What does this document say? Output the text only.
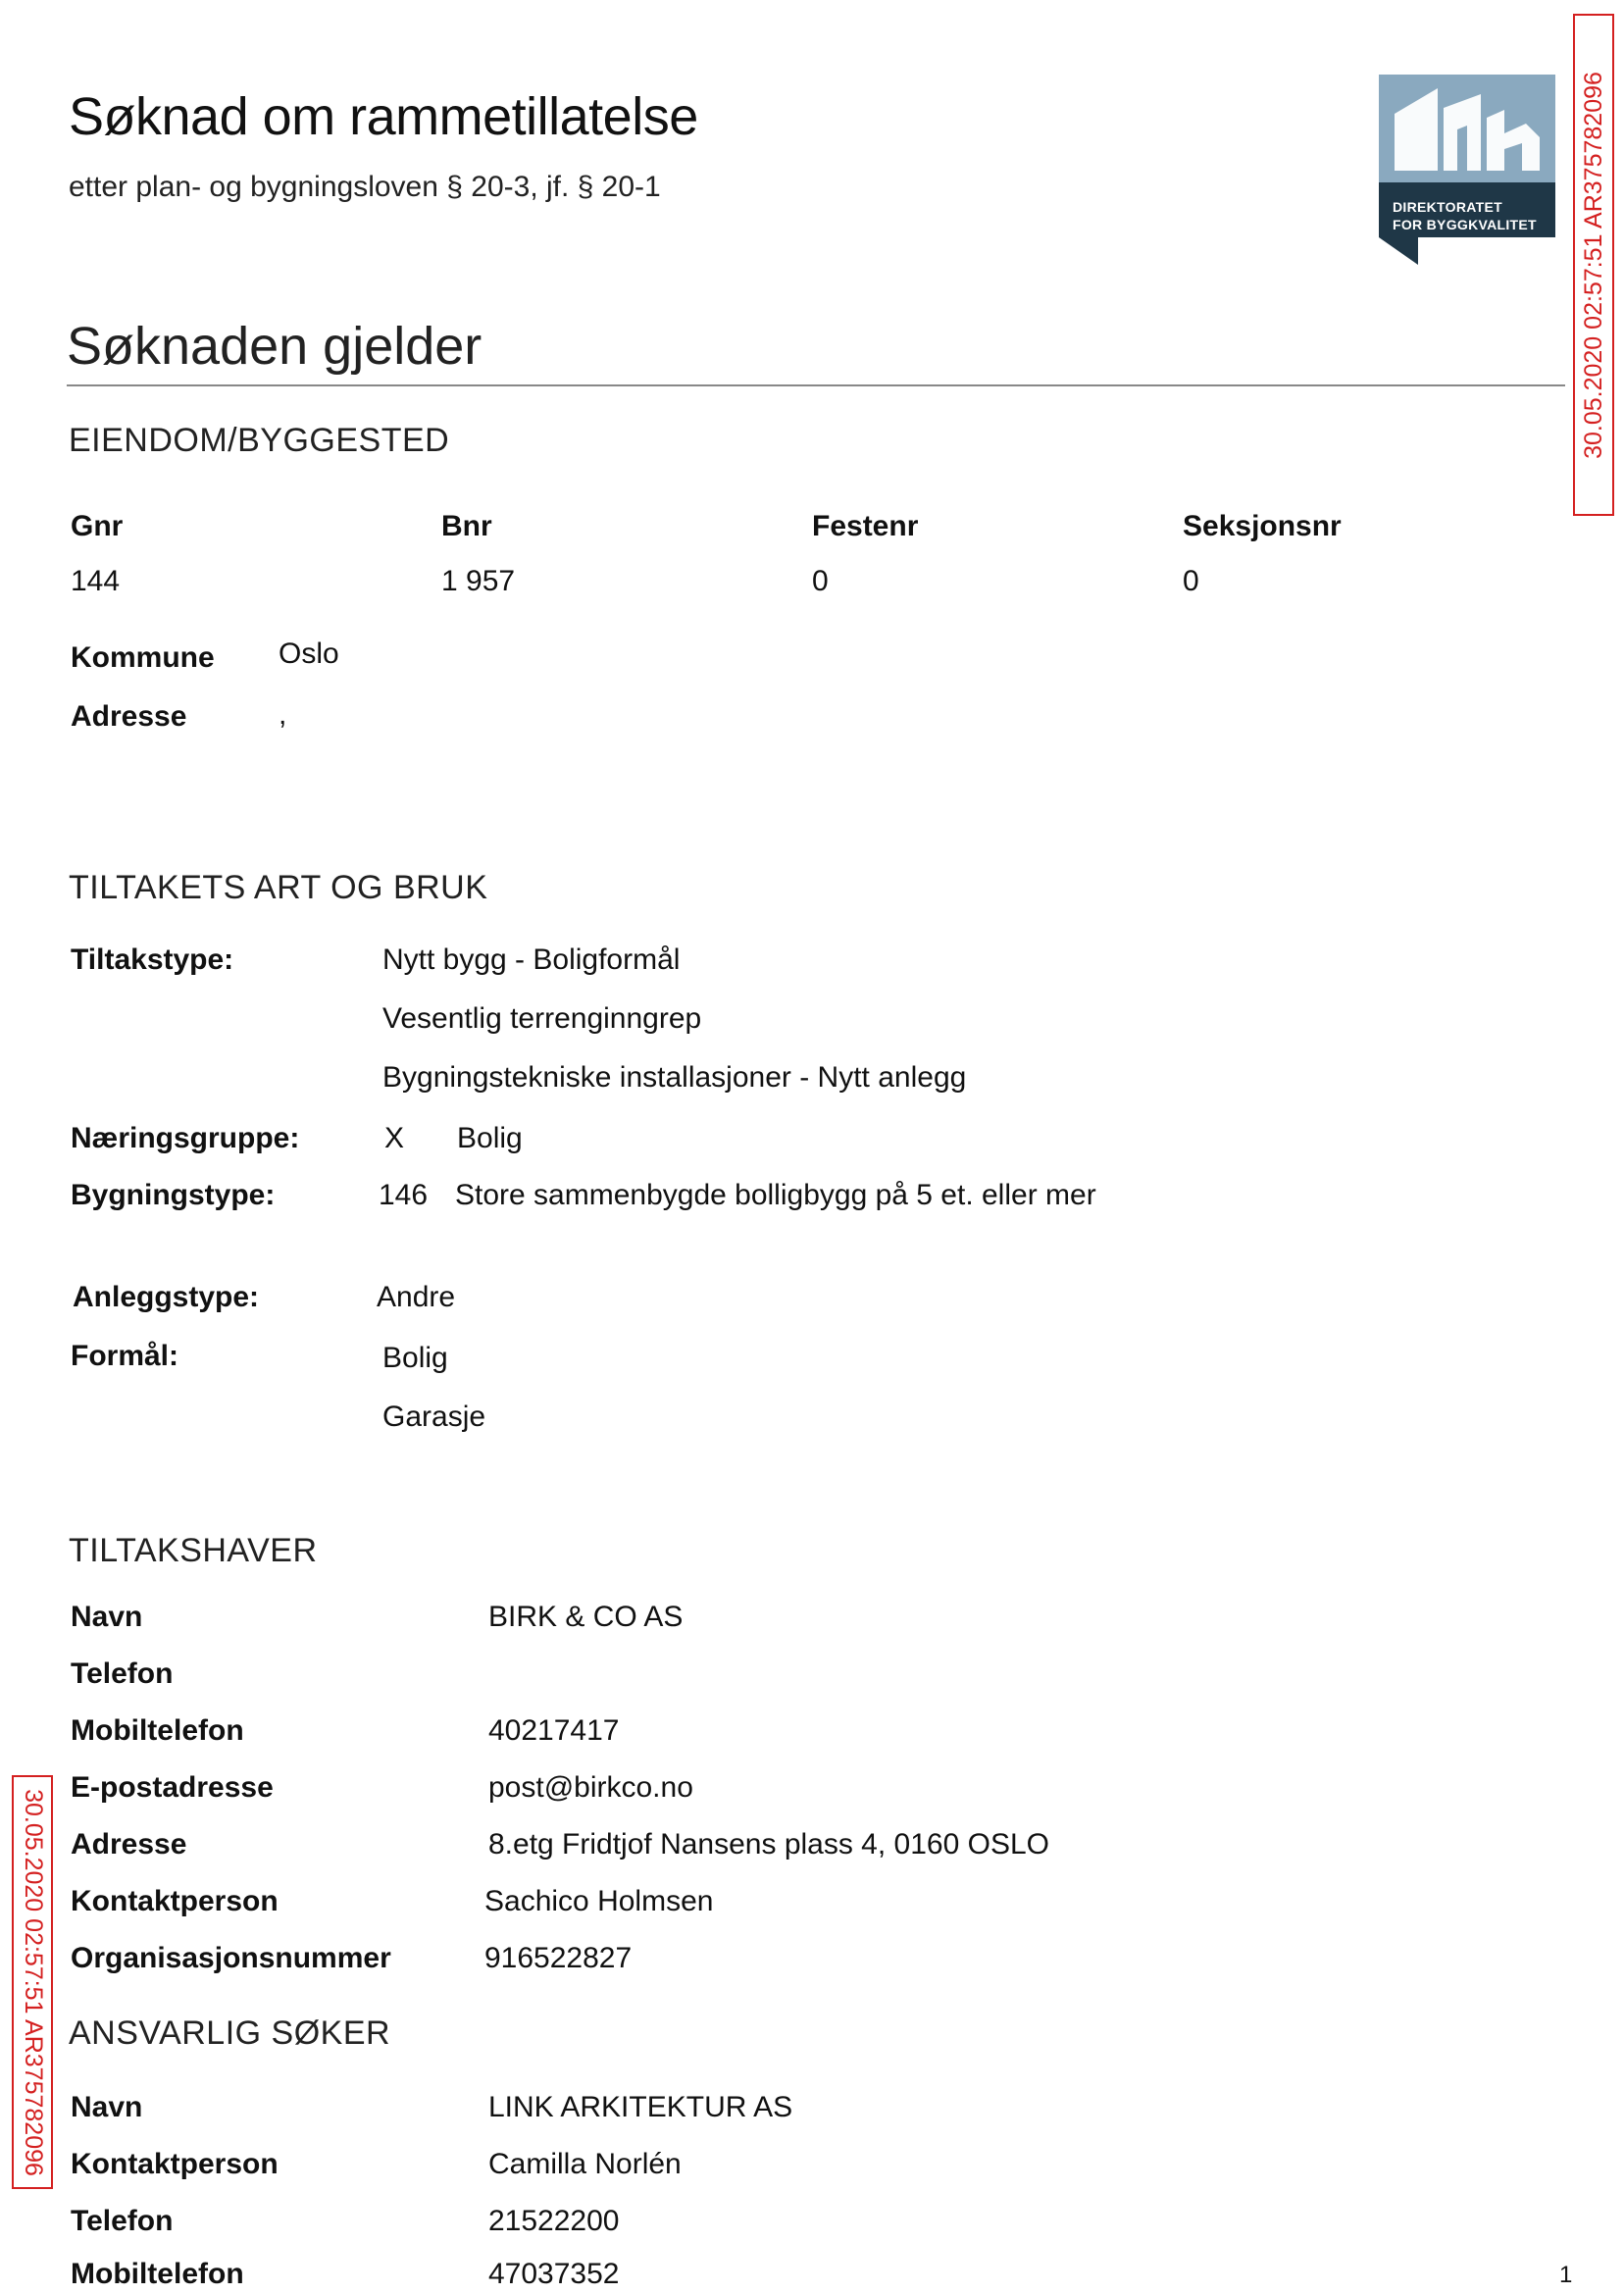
Søknad om rammetillatelse
etter plan- og bygningsloven § 20-3, jf. § 20-1
DIREKTORATET
FOR BYGGKVALITET 30.05.2020 02:57:51 AR375782096
30.05.2020 02:57:51 AR375782096
Søknaden gjelder
EIENDOM/BYGGESTED
Gnr	Bnr	Festenr	Seksjonsnr
144	1 957	0	0
Kommune Oslo
Adresse	,
TILTAKETS ART OG BRUK
Tiltakstype:	Nytt bygg - Boligformål
Vesentlig terrenginngrep
Bygningstekniske installasjoner - Nytt anlegg
Næringsgruppe:	X Bolig
Bygningstype:	146 Store sammenbygde bolligbygg på 5 et. eller mer
Anleggstype:	Andre
Formål:	Bolig
Garasje
TILTAKSHAVER
Navn	BIRK & CO AS
Telefon
Mobiltelefon	40217417
E-postadresse	post@birkco.no
Adresse	8.etg Fridtjof Nansens plass 4, 0160 OSLO
Kontaktperson	Sachico Holmsen
Organisasjonsnummer	916522827
ANSVARLIG SØKER
Navn	LINK ARKITEKTUR AS
Kontaktperson	Camilla Norlén
Telefon	21522200
Mobiltelefon	47037352	1
